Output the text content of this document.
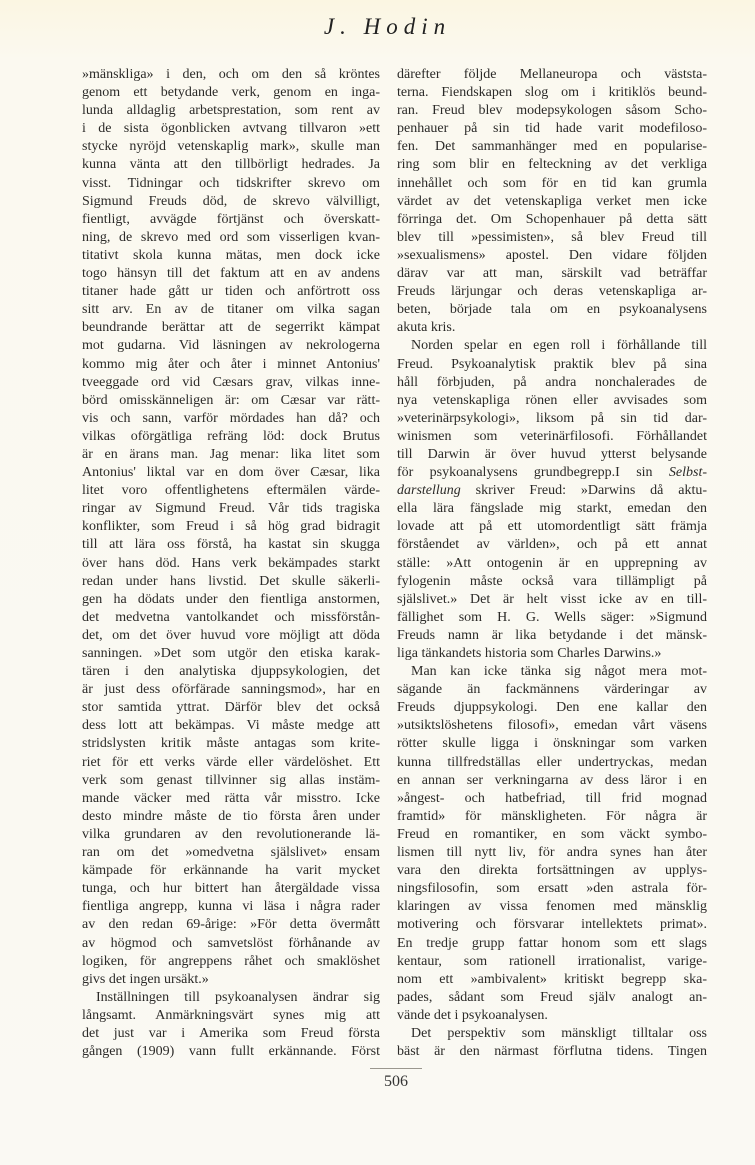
J. Hodin
»mänskliga» i den, och om den så kröntes
genom ett betydande verk, genom en inga-
lunda alldaglig arbetsprestation, som rent av
i de sista ögonblicken avtvang tillvaron »ett
stycke nyröjd vetenskaplig mark», skulle man
kunna vänta att den tillbörligt hedrades. Ja
visst. Tidningar och tidskrifter skrevo om
Sigmund Freuds död, de skrevo välvilligt,
fientligt, avvägde förtjänst och överskatt-
ning, de skrevo med ord som visserligen kvan-
titativt skola kunna mätas, men dock icke
togo hänsyn till det faktum att en av andens
titaner hade gått ur tiden och anförtrott oss
sitt arv. En av de titaner om vilka sagan
beundrande berättar att de segerrikt kämpat
mot gudarna. Vid läsningen av nekrologerna
kommo mig åter och åter i minnet Antonius'
tveeggade ord vid Cæsars grav, vilkas inne-
börd omisskänneligen är: om Cæsar var rätt-
vis och sann, varför mördades han då? och
vilkas oförgätliga refräng löd: dock Brutus
är en ärans man. Jag menar: lika litet som
Antonius' liktal var en dom över Cæsar, lika
litet voro offentlighetens eftermälen värde-
ringar av Sigmund Freud. Vår tids tragiska
konflikter, som Freud i så hög grad bidragit
till att lära oss förstå, ha kastat sin skugga
över hans död. Hans verk bekämpades starkt
redan under hans livstid. Det skulle säkerli-
gen ha dödats under den fientliga anstormen,
det medvetna vantolkandet och missförstån-
det, om det över huvud vore möjligt att döda
sanningen. »Det som utgör den etiska karak-
tären i den analytiska djuppsykologien, det
är just dess oförfärade sanningsmod», har en
stor samtida yttrat. Därför blev det också
dess lott att bekämpas. Vi måste medge att
stridslysten kritik måste antagas som krite-
riet för ett verks värde eller värdelöshet. Ett
verk som genast tillvinner sig allas instäm-
mande väcker med rätta vår misstro. Icke
desto mindre måste de tio första åren under
vilka grundaren av den revolutionerande lä-
ran om det »omedvetna själslivet» ensam
kämpade för erkännande ha varit mycket
tunga, och hur bittert han återgäldade vissa
fientliga angrepp, kunna vi läsa i några rader
av den redan 69-årige: »För detta övermått
av högmod och samvetslöst förhånande av
logiken, för angreppens råhet och smaklöshet
givs det ingen ursäkt.»
Inställningen till psykoanalysen ändrar sig
långsamt. Anmärkningsvärt synes mig att
det just var i Amerika som Freud första
gången (1909) vann fullt erkännande. Först
därefter följde Mellaneuropa och väststa-
terna. Fiendskapen slog om i kritiklös beund-
ran. Freud blev modepsykologen såsom Scho-
penhauer på sin tid hade varit modefiloso-
fen. Det sammanhänger med en popularise-
ring som blir en felteckning av det verkliga
innehållet och som för en tid kan grumla
värdet av det vetenskapliga verket men icke
förringa det. Om Schopenhauer på detta sätt
blev till »pessimisten», så blev Freud till
»sexualismens» apostel. Den vidare följden
därav var att man, särskilt vad beträffar
Freuds lärjungar och deras vetenskapliga ar-
beten, började tala om en psykoanalysens
akuta kris.
Norden spelar en egen roll i förhållande till
Freud. Psykoanalytisk praktik blev på sina
håll förbjuden, på andra nonchalerades de
nya vetenskapliga rönen eller avvisades som
»veterinärpsykologi», liksom på sin tid dar-
winismen som veterinärfilosofi. Förhållandet
till Darwin är över huvud ytterst belysande
för psykoanalysens grundbegrepp.I sin Selbst-
darstellung skriver Freud: »Darwins då aktu-
ella lära fängslade mig starkt, emedan den
lovade att på ett utomordentligt sätt främja
förståendet av världen», och på ett annat
ställe: »Att ontogenin är en upprepning av
fylogenin måste också vara tillämpligt på
själslivet.» Det är helt visst icke av en till-
fällighet som H. G. Wells säger: »Sigmund
Freuds namn är lika betydande i det mänsk-
liga tänkandets historia som Charles Darwins.»
Man kan icke tänka sig något mera mot-
sägande än fackmännens värderingar av
Freuds djuppsykologi. Den ene kallar den
»utsiktslöshetens filosofi», emedan vårt väsens
rötter skulle ligga i önskningar som varken
kunna tillfredställas eller undertryckas, medan
en annan ser verkningarna av dess läror i en
»ångest- och hatbefriad, till frid mognad
framtid» för mänskligheten. För några är
Freud en romantiker, en som väckt symbo-
lismen till nytt liv, för andra synes han åter
vara den direkta fortsättningen av upplys-
ningsfilosofin, som ersatt »den astrala för-
klaringen av vissa fenomen med mänsklig
motivering och försvarar intellektets primat».
En tredje grupp fattar honom som ett slags
kentaur, som rationell irrationalist, varige-
nom ett »ambivalent» kritiskt begrepp ska-
pades, sådant som Freud själv analogt an-
vände det i psykoanalysen.
Det perspektiv som mänskligt tilltalar oss
bäst är den närmast förflutna tidens. Tingen
506
